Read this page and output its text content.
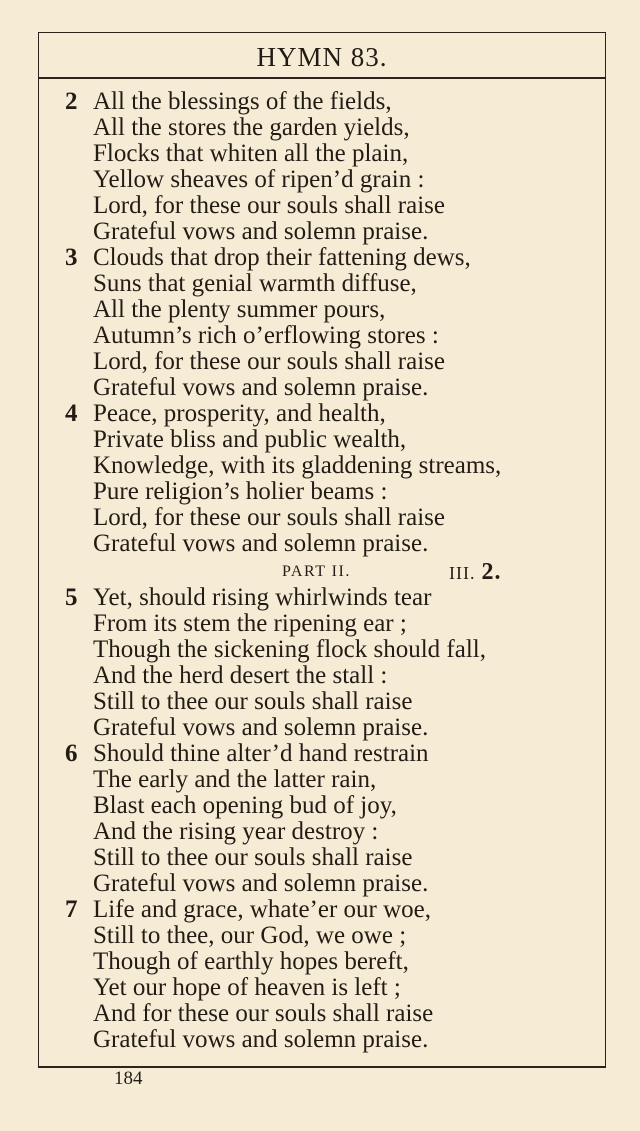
HYMN 83.
2 All the blessings of the fields,
All the stores the garden yields,
Flocks that whiten all the plain,
Yellow sheaves of ripen’d grain :
Lord, for these our souls shall raise
Grateful vows and solemn praise.
3 Clouds that drop their fattening dews,
Suns that genial warmth diffuse,
All the plenty summer pours,
Autumn’s rich o’erflowing stores :
Lord, for these our souls shall raise
Grateful vows and solemn praise.
4 Peace, prosperity, and health,
Private bliss and public wealth,
Knowledge, with its gladdening streams,
Pure religion’s holier beams :
Lord, for these our souls shall raise
Grateful vows and solemn praise.
PART II.	III. 2.
5 Yet, should rising whirlwinds tear
From its stem the ripening ear ;
Though the sickening flock should fall,
And the herd desert the stall :
Still to thee our souls shall raise
Grateful vows and solemn praise.
6 Should thine alter’d hand restrain
The early and the latter rain,
Blast each opening bud of joy,
And the rising year destroy :
Still to thee our souls shall raise
Grateful vows and solemn praise.
7 Life and grace, whate’er our woe,
Still to thee, our God, we owe ;
Though of earthly hopes bereft,
Yet our hope of heaven is left ;
And for these our souls shall raise
Grateful vows and solemn praise.
184
